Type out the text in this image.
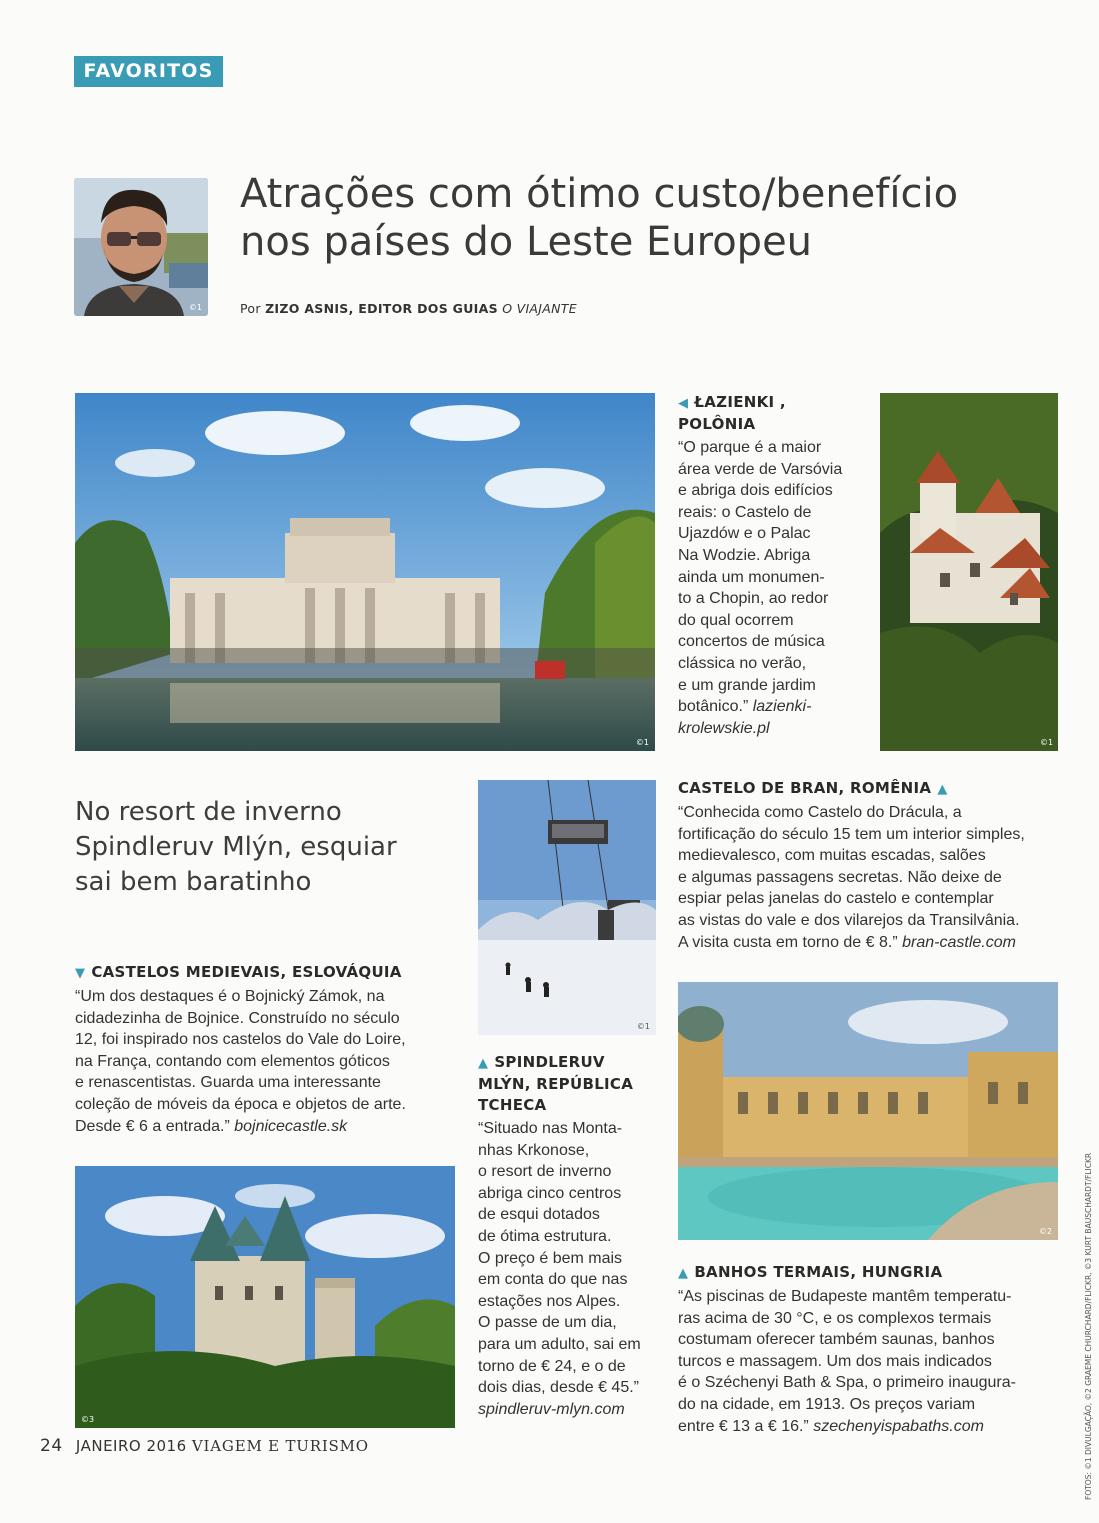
FAVORITOS
©1
Atrações com ótimo custo/benefício
nos países do Leste Europeu
Por ZIZO ASNIS, EDITOR DOS GUIAS O VIAJANTE
©1
◀ ŁAZIENKI ,
POLÔNIA
“O parque é a maior
área verde de Varsóvia
e abriga dois edifícios
reais: o Castelo de
Ujazdów e o Palac
Na Wodzie. Abriga
ainda um monumen-
to a Chopin, ao redor
do qual ocorrem
concertos de música
clássica no verão,
e um grande jardim
botânico.” lazienki-
krolewskie.pl
©1
No resort de inverno
Spindleruv Mlýn, esquiar
sai bem baratinho
©1
CASTELO DE BRAN, ROMÊNIA ▲
“Conhecida como Castelo do Drácula, a
fortificação do século 15 tem um interior simples,
medievalesco, com muitas escadas, salões
e algumas passagens secretas. Não deixe de
espiar pelas janelas do castelo e contemplar
as vistas do vale e dos vilarejos da Transilvânia.
A visita custa em torno de € 8.” bran-castle.com
▼ CASTELOS MEDIEVAIS, ESLOVÁQUIA
“Um dos destaques é o Bojnický Zámok, na
cidadezinha de Bojnice. Construído no século
12, foi inspirado nos castelos do Vale do Loire,
na França, contando com elementos góticos
e renascentistas. Guarda uma interessante
coleção de móveis da época e objetos de arte.
Desde € 6 a entrada.” bojnicecastle.sk
©3
▲ SPINDLERUV
MLÝN, REPÚBLICA
TCHECA
“Situado nas Monta-
nhas Krkonose,
o resort de inverno
abriga cinco centros
de esqui dotados
de ótima estrutura.
O preço é bem mais
em conta do que nas
estações nos Alpes.
O passe de um dia,
para um adulto, sai em
torno de € 24, e o de
dois dias, desde € 45.”
spindleruv-mlyn.com
©2
▲ BANHOS TERMAIS, HUNGRIA
“As piscinas de Budapeste mantêm temperatu-
ras acima de 30 °C, e os complexos termais
costumam oferecer também saunas, banhos
turcos e massagem. Um dos mais indicados
é o Széchenyi Bath & Spa, o primeiro inaugura-
do na cidade, em 1913. Os preços variam
entre € 13 a € 16.” szechenyispabaths.com	FOTOS: ©1 DIVULGAÇÃO, ©2 GRAEME CHURCHARD/FLICKR, ©3 KURT BAUSCHARDT/FLICKR
24 JANEIRO 2016 VIAGEM E TURISMO
